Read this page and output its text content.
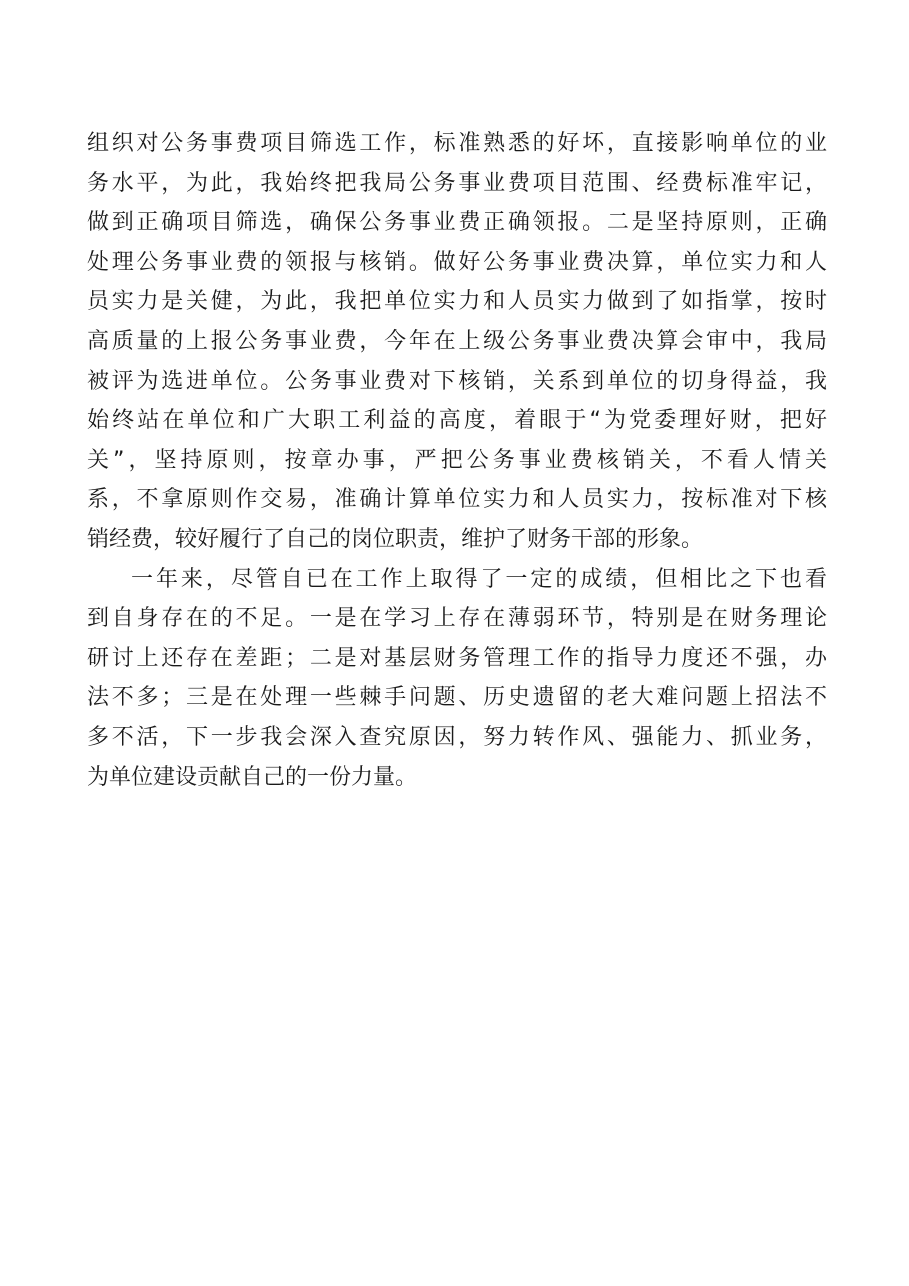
组织对公务事费项目筛选工作，标准熟悉的好坏，直接影响单位的业
务水平，为此，我始终把我局公务事业费项目范围、经费标准牢记，
做到正确项目筛选，确保公务事业费正确领报。二是坚持原则，正确
处理公务事业费的领报与核销。做好公务事业费决算，单位实力和人
员实力是关健，为此，我把单位实力和人员实力做到了如指掌，按时
高质量的上报公务事业费，今年在上级公务事业费决算会审中，我局
被评为选进单位。公务事业费对下核销，关系到单位的切身得益，我
始终站在单位和广大职工利益的高度，着眼于“为党委理好财，把好
关”，坚持原则，按章办事，严把公务事业费核销关，不看人情关
系，不拿原则作交易，准确计算单位实力和人员实力，按标准对下核
销经费，较好履行了自己的岗位职责，维护了财务干部的形象。
一年来，尽管自已在工作上取得了一定的成绩，但相比之下也看
到自身存在的不足。一是在学习上存在薄弱环节，特别是在财务理论
研讨上还存在差距；二是对基层财务管理工作的指导力度还不强，办
法不多；三是在处理一些棘手问题、历史遗留的老大难问题上招法不
多不活，下一步我会深入查究原因，努力转作风、强能力、抓业务，
为单位建设贡献自己的一份力量。
